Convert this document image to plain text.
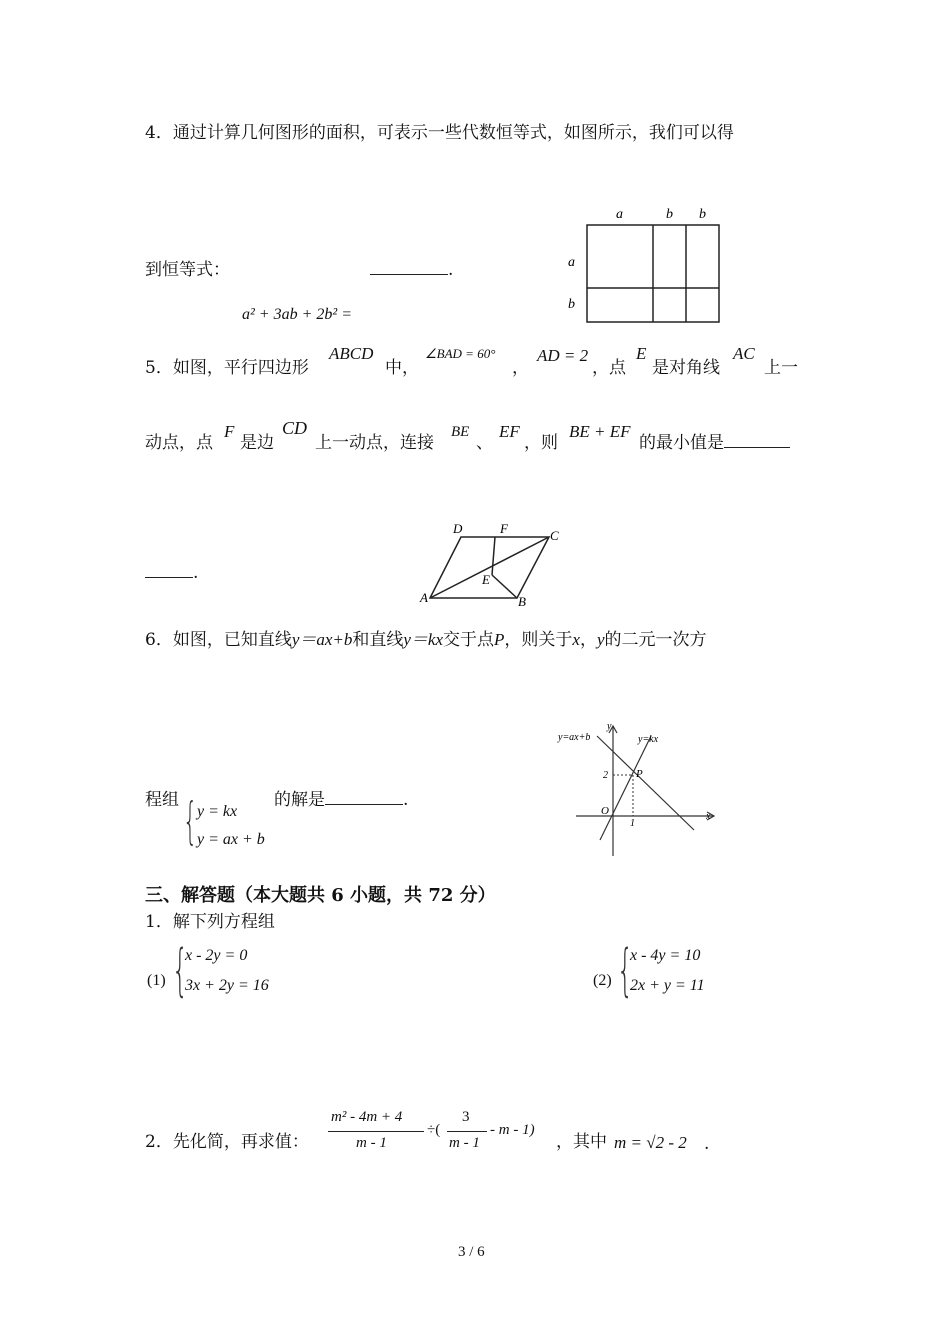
4．通过计算几何图形的面积，可表示一些代数恒等式，如图所示，我们可以得
到恒等式：	.
a² + 3ab + 2b² =
a	b b
a
b
5．如图，平行四边形
ABCD
中，
∠BAD = 60°
，
AD = 2
，点
E
是对角线
AC
上一
动点，点
F
是边
CD
上一动点，连接
BE
、
EF
，则
BE + EF
的最小值是
.
D	F	C
E
A	B
6．如图，已知直线y＝ax+b和直线y＝kx交于点P，则关于x，y的二元一次方
程组 { y = kx
y = ax + b
的解是	.
y=ax+b	y=kx
y
x
O
P
2
1
三、解答题（本大题共 6 小题，共 72 分）
1．解下列方程组
(1) {
x - 2y = 0
3x + 2y = 16	(2) {
x - 4y = 10
2x + y = 11
2．先化简，再求值：
m² - 4m + 4
m - 1
÷(
3
m - 1
- m - 1)
，其中 m = √2 - 2 .
3 / 6
